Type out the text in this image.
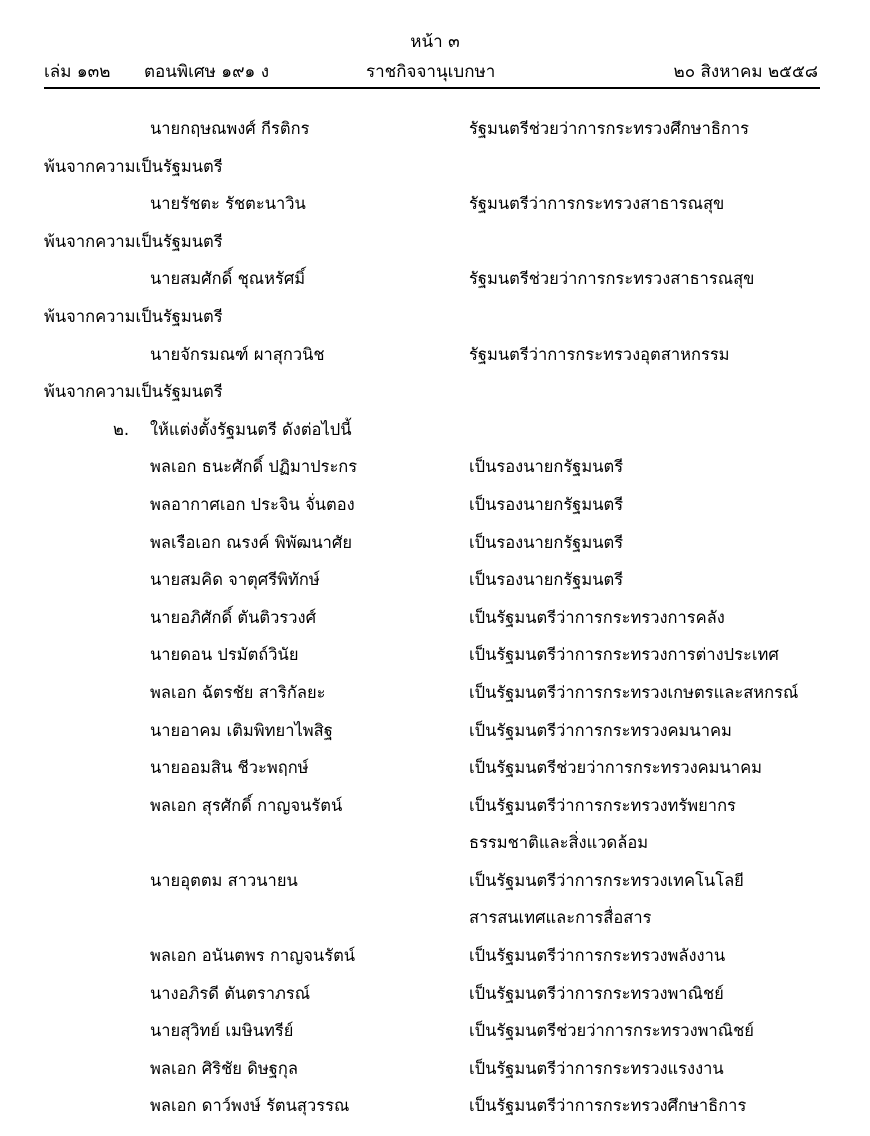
หน้า ๓
เล่ม ๑๓๒ ตอนพิเศษ ๑๙๑ ง	ราชกิจจานุเบกษา	๒๐ สิงหาคม ๒๕๕๘
นายกฤษณพงศ์ กีรติกร	รัฐมนตรีช่วยว่าการกระทรวงศึกษาธิการ
พ้นจากความเป็นรัฐมนตรี
นายรัชตะ รัชตะนาวิน	รัฐมนตรีว่าการกระทรวงสาธารณสุข
พ้นจากความเป็นรัฐมนตรี
นายสมศักดิ์ ชุณหรัศมิ์	รัฐมนตรีช่วยว่าการกระทรวงสาธารณสุข
พ้นจากความเป็นรัฐมนตรี
นายจักรมณฑ์ ผาสุกวนิช	รัฐมนตรีว่าการกระทรวงอุตสาหกรรม
พ้นจากความเป็นรัฐมนตรี
๒. ให้แต่งตั้งรัฐมนตรี ดังต่อไปนี้
พลเอก ธนะศักดิ์ ปฏิมาประกร	เป็นรองนายกรัฐมนตรี
พลอากาศเอก ประจิน จั่นตอง	เป็นรองนายกรัฐมนตรี
พลเรือเอก ณรงค์ พิพัฒนาศัย	เป็นรองนายกรัฐมนตรี
นายสมคิด จาตุศรีพิทักษ์	เป็นรองนายกรัฐมนตรี
นายอภิศักดิ์ ตันติวรวงศ์	เป็นรัฐมนตรีว่าการกระทรวงการคลัง
นายดอน ปรมัตถ์วินัย	เป็นรัฐมนตรีว่าการกระทรวงการต่างประเทศ
พลเอก ฉัตรชัย สาริกัลยะ	เป็นรัฐมนตรีว่าการกระทรวงเกษตรและสหกรณ์
นายอาคม เติมพิทยาไพสิฐ	เป็นรัฐมนตรีว่าการกระทรวงคมนาคม
นายออมสิน ชีวะพฤกษ์	เป็นรัฐมนตรีช่วยว่าการกระทรวงคมนาคม
พลเอก สุรศักดิ์ กาญจนรัตน์	เป็นรัฐมนตรีว่าการกระทรวงทรัพยากร
ธรรมชาติและสิ่งแวดล้อม
นายอุตตม สาวนายน	เป็นรัฐมนตรีว่าการกระทรวงเทคโนโลยี
สารสนเทศและการสื่อสาร
พลเอก อนันตพร กาญจนรัตน์	เป็นรัฐมนตรีว่าการกระทรวงพลังงาน
นางอภิรดี ตันตราภรณ์	เป็นรัฐมนตรีว่าการกระทรวงพาณิชย์
นายสุวิทย์ เมษินทรีย์	เป็นรัฐมนตรีช่วยว่าการกระทรวงพาณิชย์
พลเอก ศิริชัย ดิษฐกุล	เป็นรัฐมนตรีว่าการกระทรวงแรงงาน
พลเอก ดาว์พงษ์ รัตนสุวรรณ	เป็นรัฐมนตรีว่าการกระทรวงศึกษาธิการ
